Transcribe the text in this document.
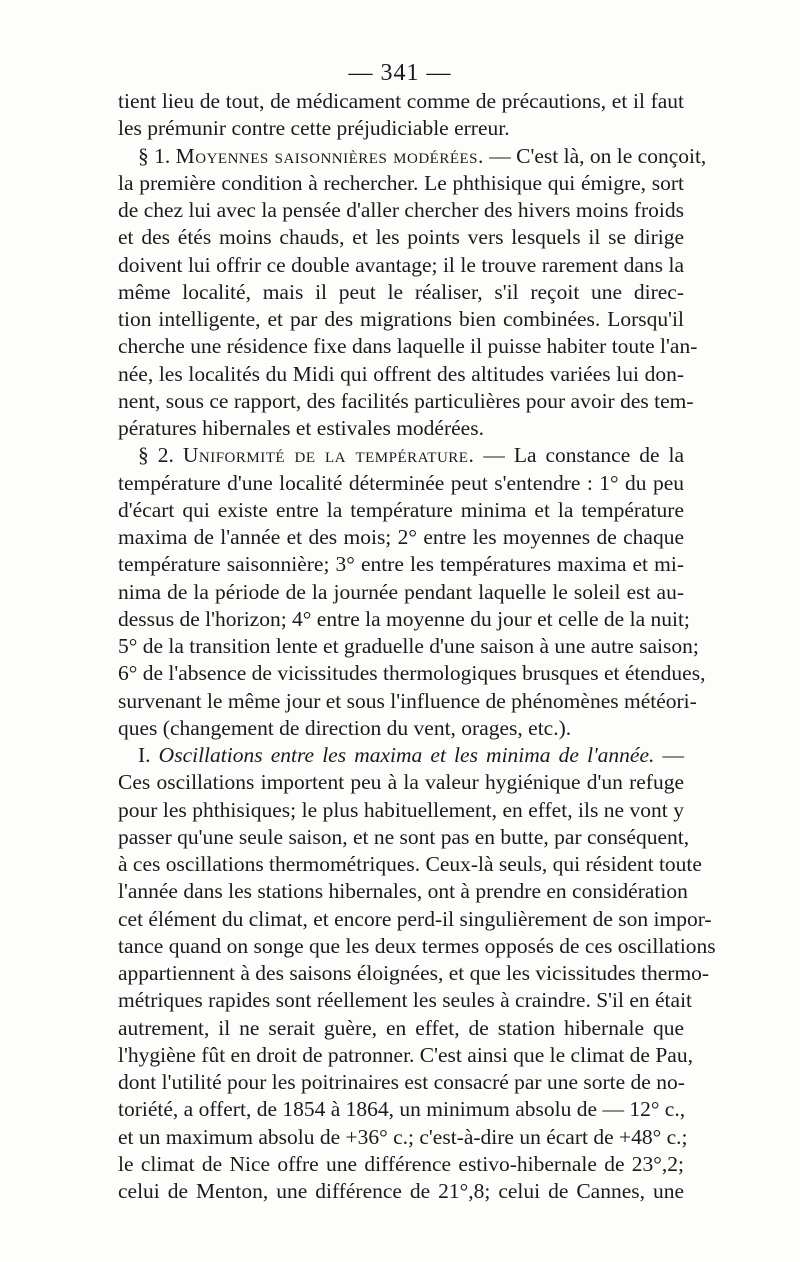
— 341 —
tient lieu de tout, de médicament comme de précautions, et il faut
les prémunir contre cette préjudiciable erreur.
§ 1. Moyennes saisonnières modérées. — C'est là, on le conçoit,
la première condition à rechercher. Le phthisique qui émigre, sort
de chez lui avec la pensée d'aller chercher des hivers moins froids
et des étés moins chauds, et les points vers lesquels il se dirige
doivent lui offrir ce double avantage; il le trouve rarement dans la
même localité, mais il peut le réaliser, s'il reçoit une direc-
tion intelligente, et par des migrations bien combinées. Lorsqu'il
cherche une résidence fixe dans laquelle il puisse habiter toute l'an-
née, les localités du Midi qui offrent des altitudes variées lui don-
nent, sous ce rapport, des facilités particulières pour avoir des tem-
pératures hibernales et estivales modérées.
§ 2. Uniformité de la température. — La constance de la
température d'une localité déterminée peut s'entendre : 1° du peu
d'écart qui existe entre la température minima et la température
maxima de l'année et des mois; 2° entre les moyennes de chaque
température saisonnière; 3° entre les températures maxima et mi-
nima de la période de la journée pendant laquelle le soleil est au-
dessus de l'horizon; 4° entre la moyenne du jour et celle de la nuit;
5° de la transition lente et graduelle d'une saison à une autre saison;
6° de l'absence de vicissitudes thermologiques brusques et étendues,
survenant le même jour et sous l'influence de phénomènes météori-
ques (changement de direction du vent, orages, etc.).
I. Oscillations entre les maxima et les minima de l'année. —
Ces oscillations importent peu à la valeur hygiénique d'un refuge
pour les phthisiques; le plus habituellement, en effet, ils ne vont y
passer qu'une seule saison, et ne sont pas en butte, par conséquent,
à ces oscillations thermométriques. Ceux-là seuls, qui résident toute
l'année dans les stations hibernales, ont à prendre en considération
cet élément du climat, et encore perd-il singulièrement de son impor-
tance quand on songe que les deux termes opposés de ces oscillations
appartiennent à des saisons éloignées, et que les vicissitudes thermo-
métriques rapides sont réellement les seules à craindre. S'il en était
autrement, il ne serait guère, en effet, de station hibernale que
l'hygiène fût en droit de patronner. C'est ainsi que le climat de Pau,
dont l'utilité pour les poitrinaires est consacré par une sorte de no-
toriété, a offert, de 1854 à 1864, un minimum absolu de — 12° c.,
et un maximum absolu de +36° c.; c'est-à-dire un écart de +48° c.;
le climat de Nice offre une différence estivo-hibernale de 23°,2;
celui de Menton, une différence de 21°,8; celui de Cannes, une
